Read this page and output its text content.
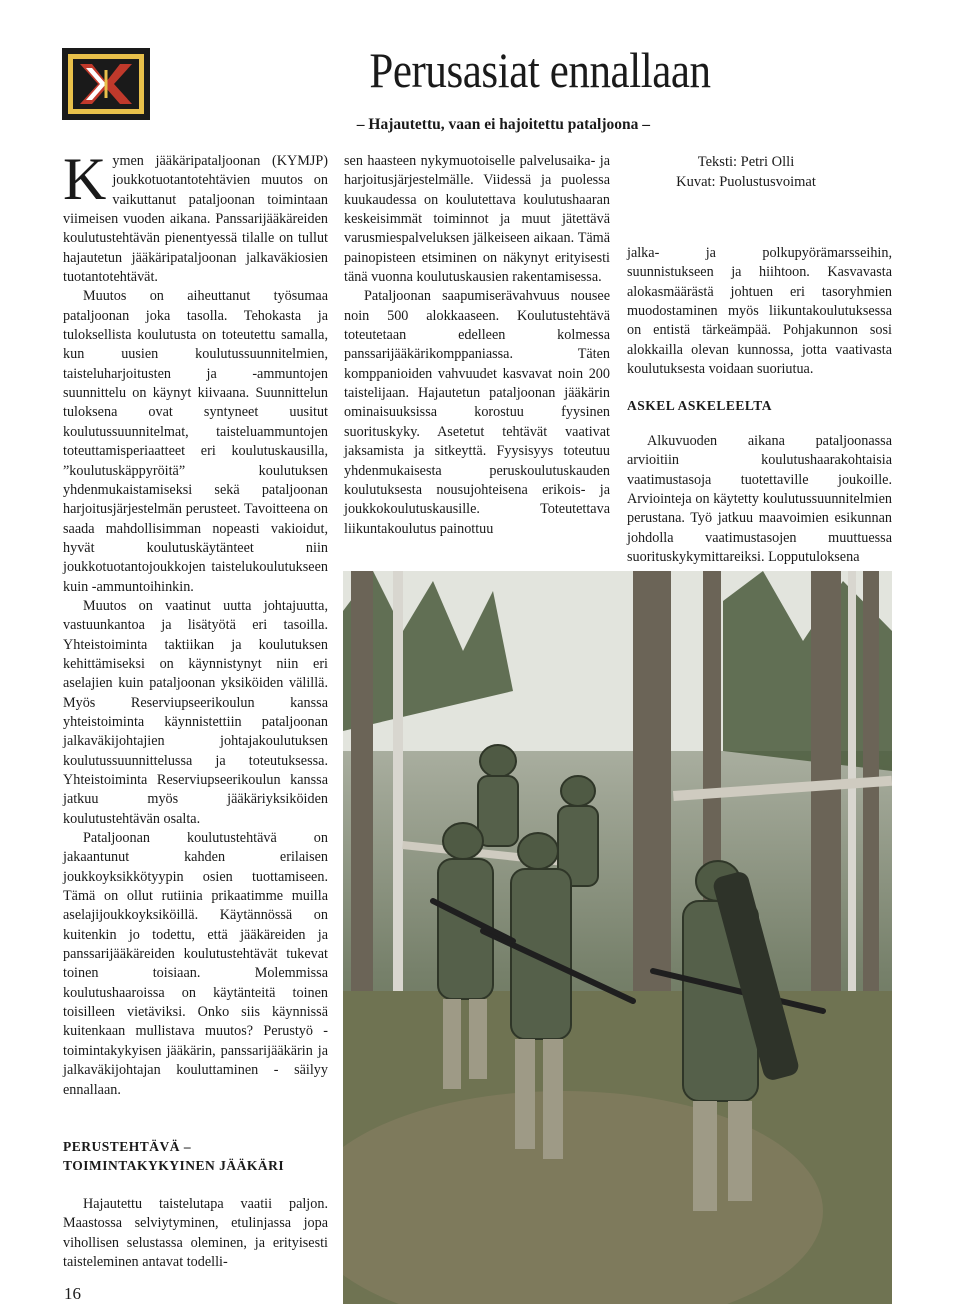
Perusasiat ennallaan
– Hajautettu, vaan ei hajoitettu pataljoona –

Kymen jääkäripataljoonan (KYMJP) joukkotuotantotehtävien muutos on vaikuttanut pataljoonan toimintaan viimeisen vuoden aikana. Panssarijääkäreiden koulutustehtävän pienentyessä tilalle on tullut hajautetun jääkäripataljoonan jalkaväkiosien tuotantotehtävät.

Muutos on aiheuttanut työsumaa pataljoonan joka tasolla. Tehokasta ja tuloksellista koulutusta on toteutettu samalla, kun uusien koulutussuunnitelmien, taisteluharjoitusten ja -ammuntojen suunnittelu on käynyt kiivaana. Suunnittelun tuloksena ovat syntyneet uusitut koulutussuunnitelmat, taisteluammuntojen toteuttamisperiaatteet eri koulutuskausilla, ”koulutuskäppyröitä” koulutuksen yhdenmukaistamiseksi sekä pataljoonan harjoitusjärjestelmän perusteet. Tavoitteena on saada mahdollisimman nopeasti vakioidut, hyvät koulutuskäytänteet niin joukkotuotantojoukkojen taistelukoulutukseen kuin -ammuntoihinkin.

Muutos on vaatinut uutta johtajuutta, vastuunkantoa ja lisätyötä eri tasoilla. Yhteistoiminta taktiikan ja koulutuksen kehittämiseksi on käynnistynyt niin eri aselajien kuin pataljoonan yksiköiden välillä. Myös Reserviupseerikoulun kanssa yhteistoiminta käynnistettiin pataljoonan jalkaväkijohtajien johtajakoulutuksen koulutussuunnittelussa ja toteutuksessa. Yhteistoiminta Reserviupseerikoulun kanssa jatkuu myös jääkäriyksiköiden koulutustehtävän osalta.

Pataljoonan koulutustehtävä on jakaantunut kahden erilaisen joukkoyksikkötyypin osien tuottamiseen. Tämä on ollut rutiinia prikaatimme muilla aselajijoukkoyksiköillä. Käytännössä on kuitenkin jo todettu, että jääkäreiden ja panssarijääkäreiden koulutustehtävät tukevat toinen toisiaan. Molemmissa koulutushaaroissa on käytänteitä toinen toisilleen vietäviksi. Onko siis käynnissä kuitenkaan mullistava muutos? Perustyö - toimintakykyisen jääkärin, panssarijääkärin ja jalkaväkijohtajan kouluttaminen - säilyy ennallaan.

PERUSTEHTÄVÄ –

TOIMINTAKYKYINEN JÄÄKÄRI

Hajautettu taistelutapa vaatii paljon. Maastossa selviytyminen, etulinjassa jopa vihollisen selustassa oleminen, ja erityisesti taisteleminen antavat todelli-

sen haasteen nykymuotoiselle palvelusaika- ja harjoitusjärjestelmälle. Viidessä ja puolessa kuukaudessa on koulutettava koulutushaaran keskeisimmät toiminnot ja muut jätettävä varusmiespalveluksen jälkeiseen aikaan. Tämä painopisteen etsiminen on näkynyt erityisesti tänä vuonna koulutuskausien rakentamisessa.

Pataljoonan saapumiserävahvuus nousee noin 500 alokkaaseen. Koulutustehtävä toteutetaan edelleen kolmessa panssarijääkärikomppaniassa. Täten komppanioiden vahvuudet kasvavat noin 200 taistelijaan. Hajautetun pataljoonan jääkärin ominaisuuksissa korostuu fyysinen suorituskyky. Asetetut tehtävät vaativat jaksamista ja sitkeyttä. Fyysisyys toteutuu yhdenmukaisesta peruskoulutuskauden koulutuksesta nousujohteisena erikois- ja joukkokoulutuskausille. Toteutettava liikuntakoulutus painottuu

Teksti: Petri Olli
Kuvat: Puolustusvoimat

jalka- ja polkupyörämarsseihin, suunnistukseen ja hiihtoon. Kasvavasta alokasmäärästä johtuen eri tasoryhmien muodostaminen myös liikuntakoulutuksessa on entistä tärkeämpää. Pohjakunnon sosi alokkailla olevan kunnossa, jotta vaativasta koulutuksesta voidaan suoriutua.

ASKEL ASKELEELTA

Alkuvuoden aikana pataljoonassa arvioitiin koulutushaarakohtaisia vaatimustasoja tuotettaville joukoille. Arviointeja on käytetty koulutussuunnitelmien perustana. Työ jatkuu maavoimien esikunnan johdolla vaatimustasojen muuttuessa suorituskykymittareiksi. Lopputuloksena

16
